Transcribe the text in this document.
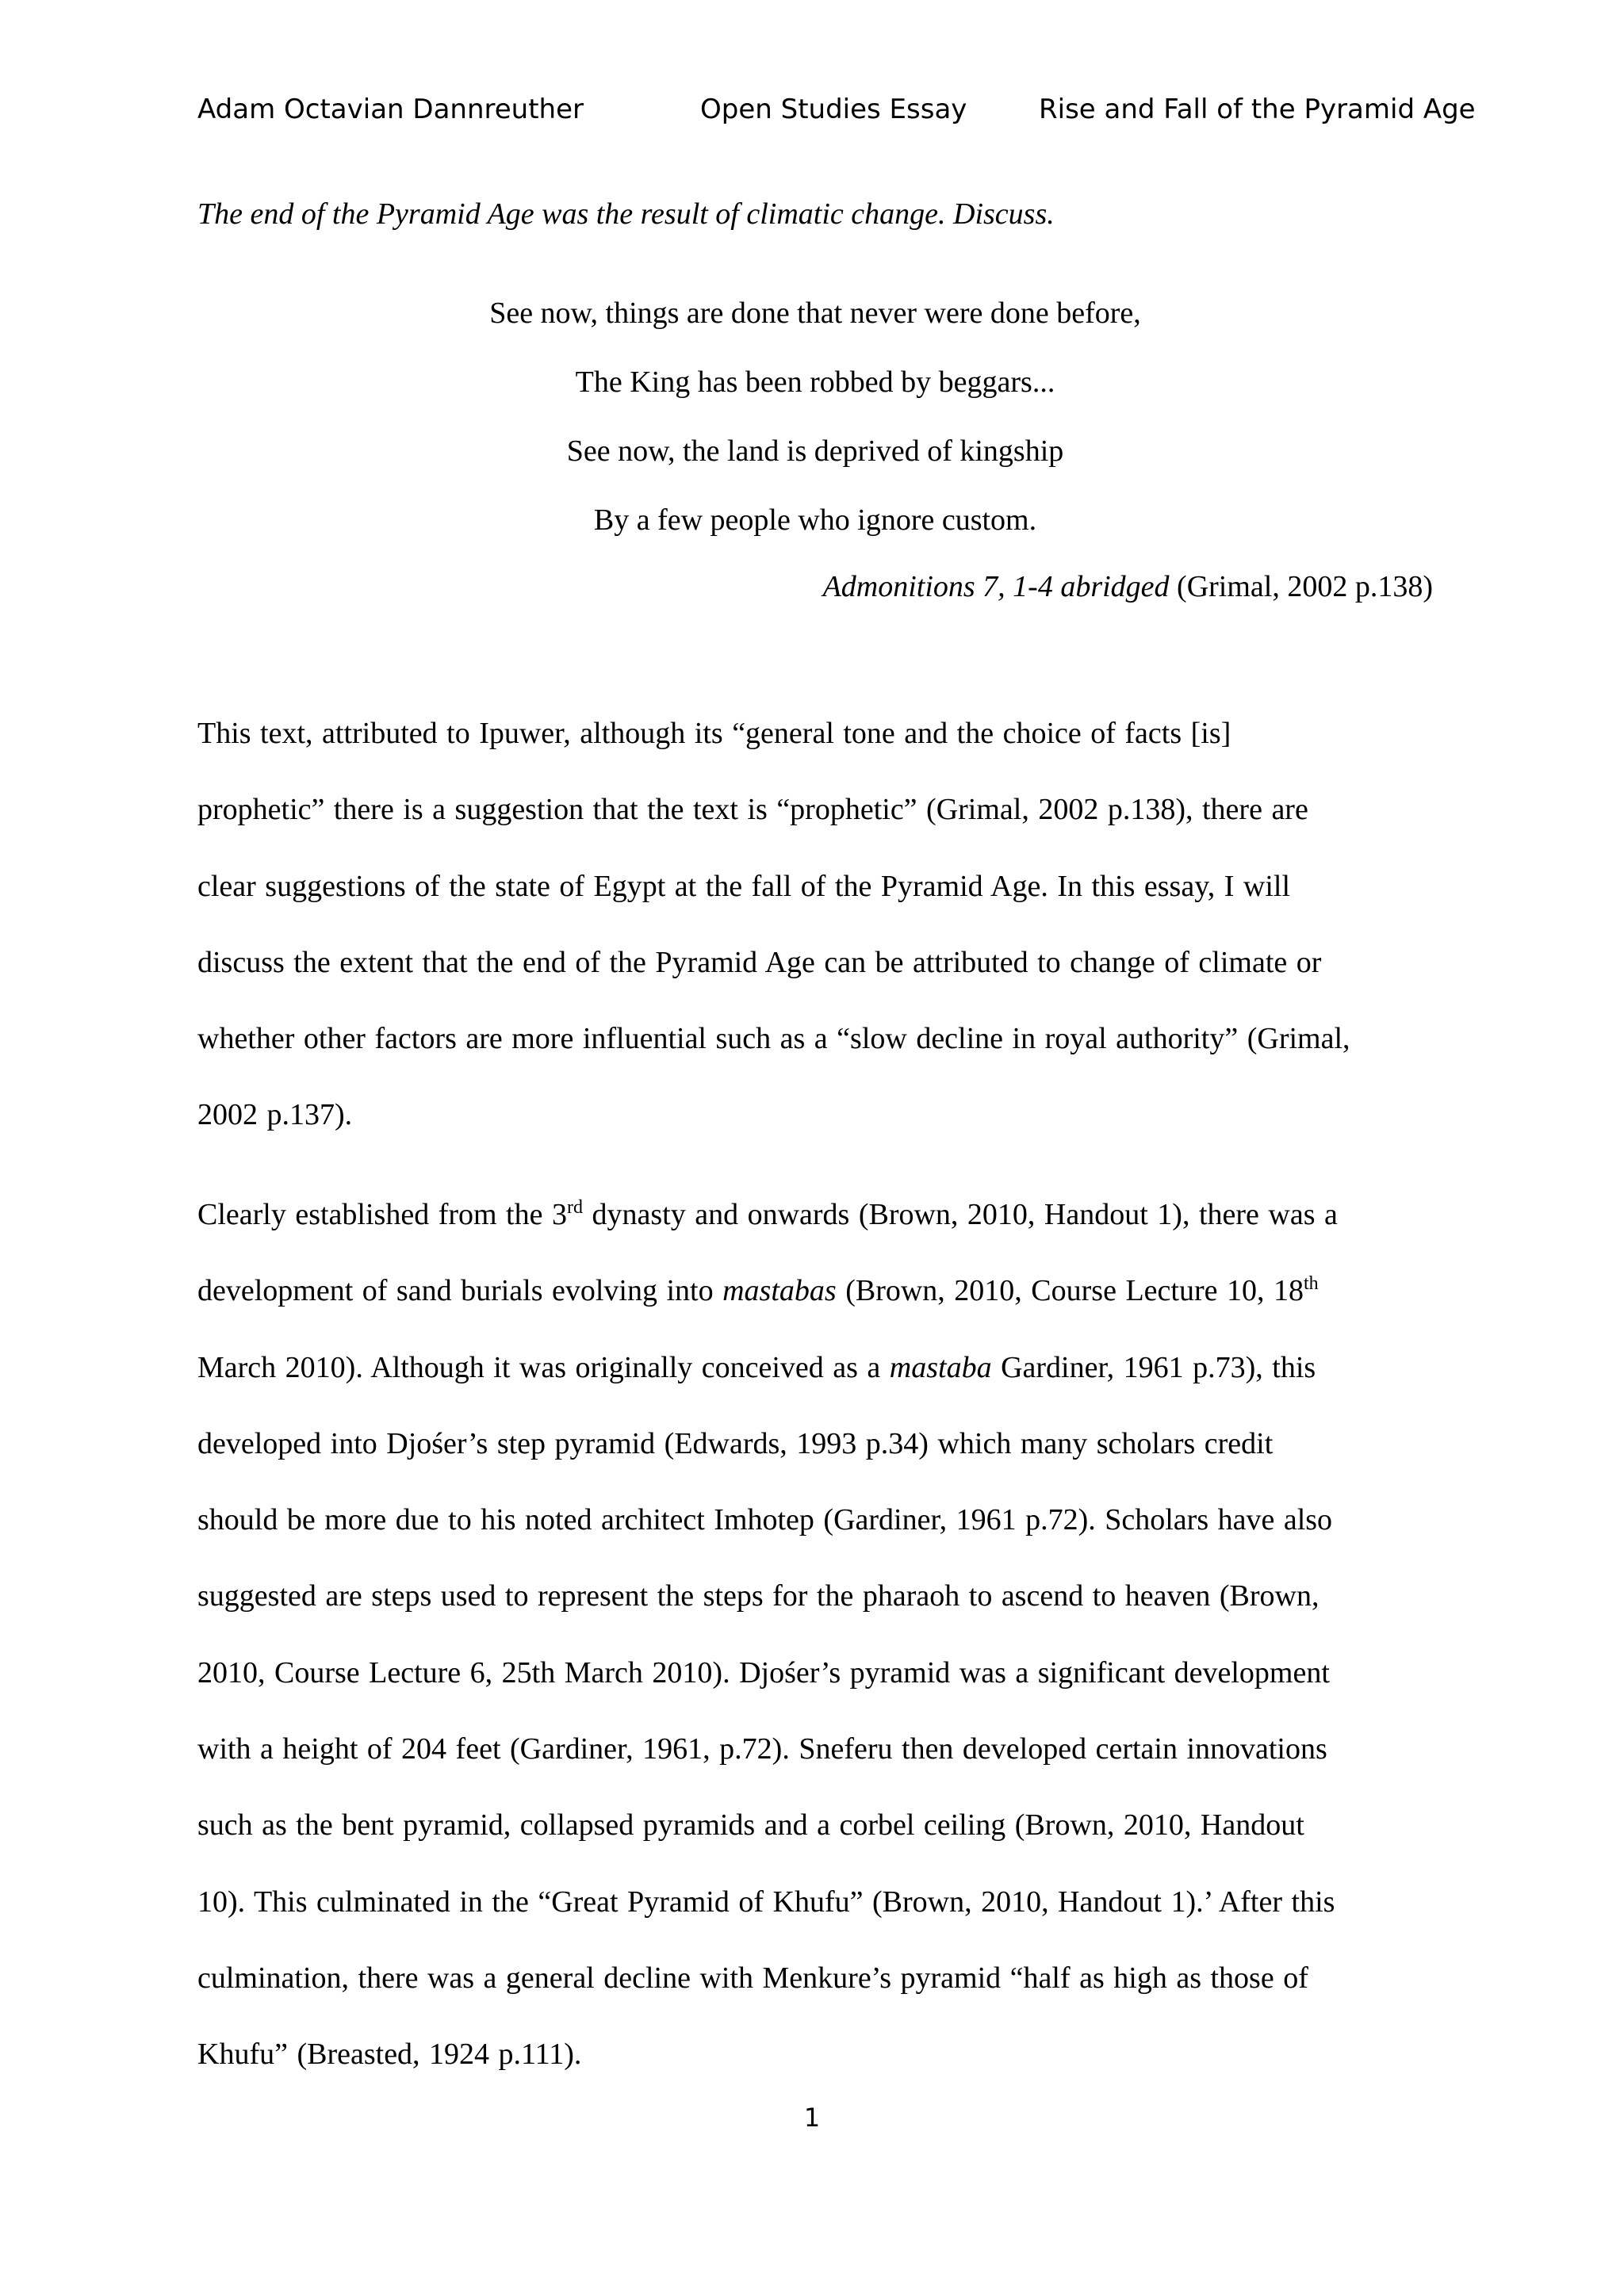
Adam Octavian Dannreuther	Open Studies Essay	Rise and Fall of the Pyramid Age
The end of the Pyramid Age was the result of climatic change. Discuss.
See now, things are done that never were done before,
The King has been robbed by beggars...
See now, the land is deprived of kingship
By a few people who ignore custom.
Admonitions 7, 1-4 abridged (Grimal, 2002 p.138)
This text, attributed to Ipuwer, although its “general tone and the choice of facts [is]
prophetic” there is a suggestion that the text is “prophetic” (Grimal, 2002 p.138), there are
clear suggestions of the state of Egypt at the fall of the Pyramid Age. In this essay, I will
discuss the extent that the end of the Pyramid Age can be attributed to change of climate or
whether other factors are more influential such as a “slow decline in royal authority” (Grimal,
2002 p.137).
Clearly established from the 3rd dynasty and onwards (Brown, 2010, Handout 1), there was a
development of sand burials evolving into mastabas (Brown, 2010, Course Lecture 10, 18th
March 2010). Although it was originally conceived as a mastaba Gardiner, 1961 p.73), this
developed into Djośer’s step pyramid (Edwards, 1993 p.34) which many scholars credit
should be more due to his noted architect Imhotep (Gardiner, 1961 p.72). Scholars have also
suggested are steps used to represent the steps for the pharaoh to ascend to heaven (Brown,
2010, Course Lecture 6, 25th March 2010). Djośer’s pyramid was a significant development
with a height of 204 feet (Gardiner, 1961, p.72). Sneferu then developed certain innovations
such as the bent pyramid, collapsed pyramids and a corbel ceiling (Brown, 2010, Handout
10). This culminated in the “Great Pyramid of Khufu” (Brown, 2010, Handout 1).’ After this
culmination, there was a general decline with Menkure’s pyramid “half as high as those of
Khufu” (Breasted, 1924 p.111).
1
